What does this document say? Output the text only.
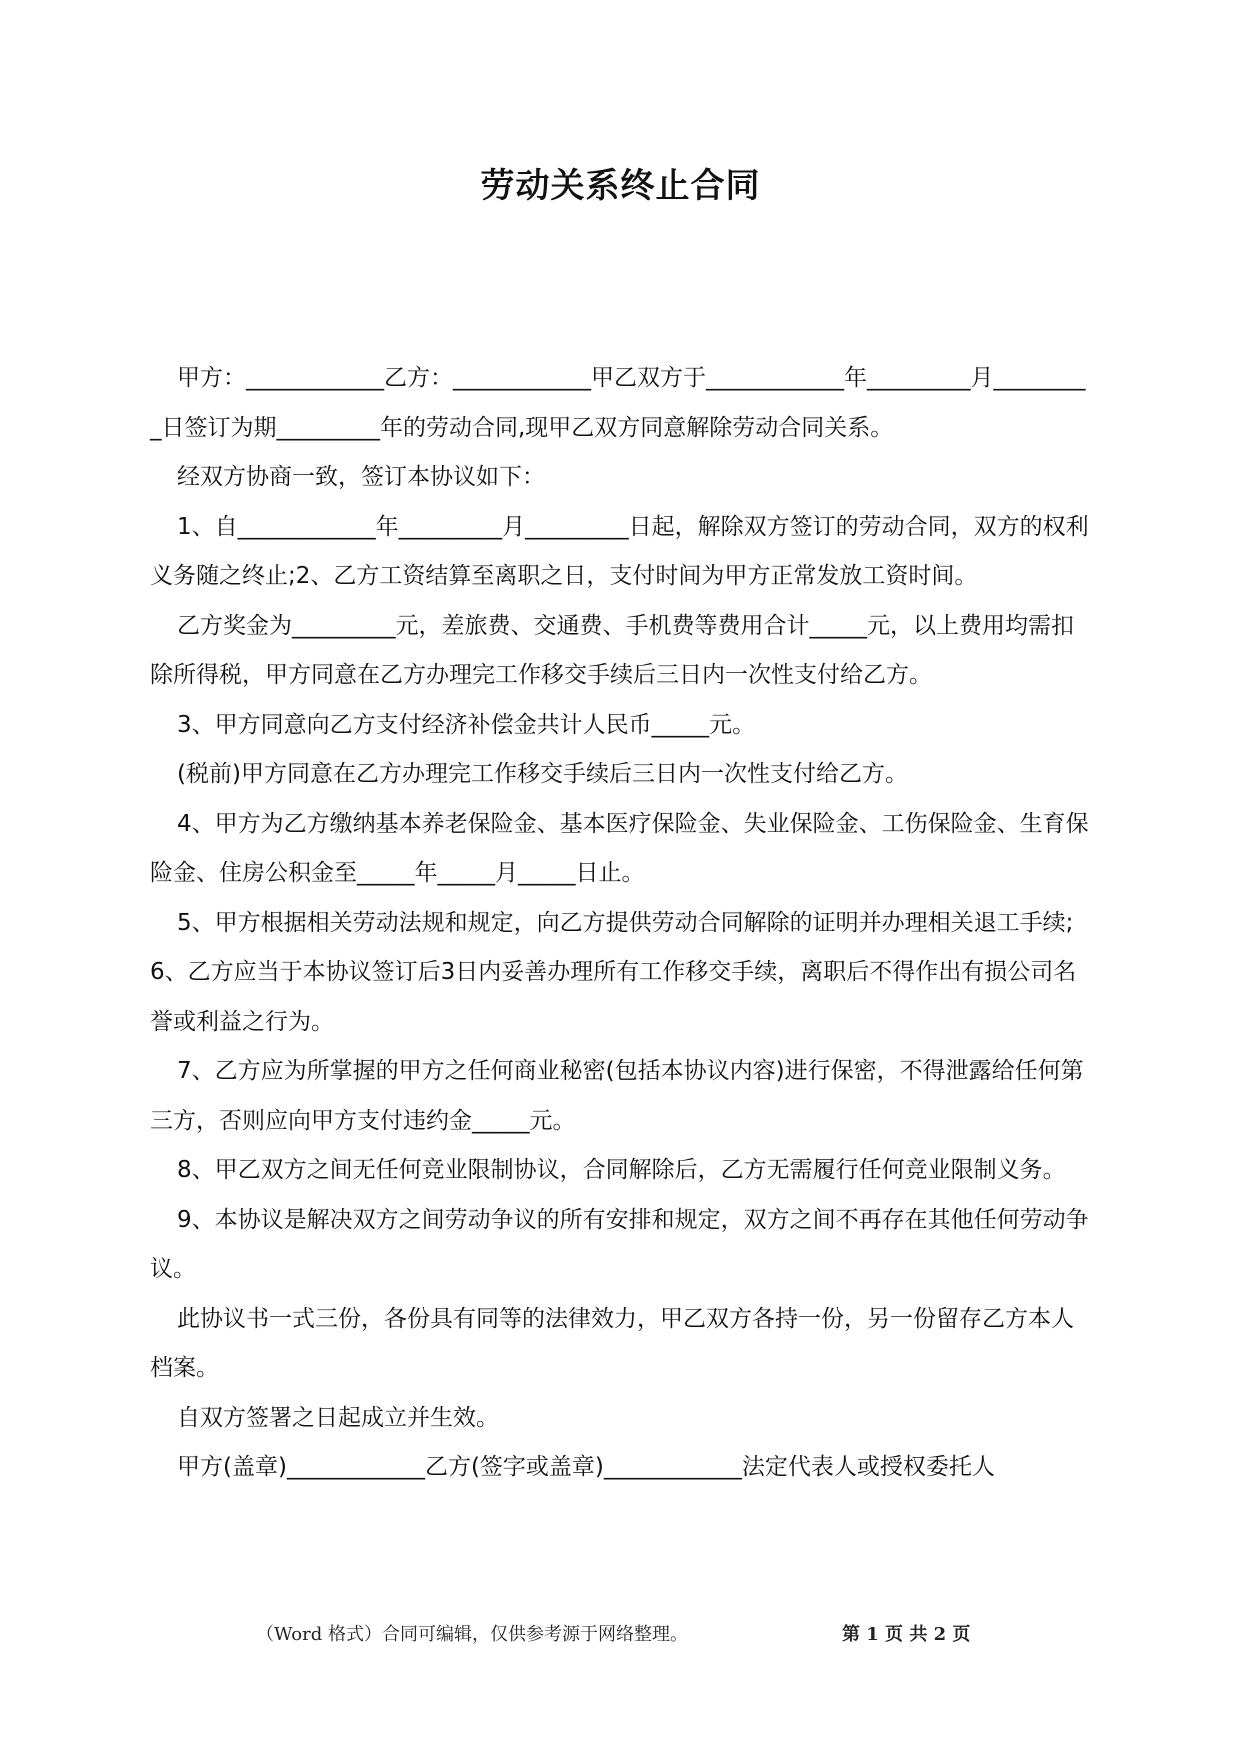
劳动关系终止合同

甲方：____________乙方：____________甲乙双方于____________年_________月_________日签订为期_________年的劳动合同,现甲乙双方同意解除劳动合同关系。

经双方协商一致，签订本协议如下：

1、自____________年_________月_________日起，解除双方签订的劳动合同，双方的权利义务随之终止;2、乙方工资结算至离职之日，支付时间为甲方正常发放工资时间。

乙方奖金为_________元，差旅费、交通费、手机费等费用合计_____元，以上费用均需扣除所得税，甲方同意在乙方办理完工作移交手续后三日内一次性支付给乙方。

3、甲方同意向乙方支付经济补偿金共计人民币_____元。

(税前)甲方同意在乙方办理完工作移交手续后三日内一次性支付给乙方。

4、甲方为乙方缴纳基本养老保险金、基本医疗保险金、失业保险金、工伤保险金、生育保险金、住房公积金至_____年_____月_____日止。

5、甲方根据相关劳动法规和规定，向乙方提供劳动合同解除的证明并办理相关退工手续;6、乙方应当于本协议签订后3日内妥善办理所有工作移交手续，离职后不得作出有损公司名誉或利益之行为。

7、乙方应为所掌握的甲方之任何商业秘密(包括本协议内容)进行保密，不得泄露给任何第三方，否则应向甲方支付违约金_____元。

8、甲乙双方之间无任何竞业限制协议，合同解除后，乙方无需履行任何竞业限制义务。

9、本协议是解决双方之间劳动争议的所有安排和规定，双方之间不再存在其他任何劳动争议。

此协议书一式三份，各份具有同等的法律效力，甲乙双方各持一份，另一份留存乙方本人档案。

自双方签署之日起成立并生效。

甲方(盖章)____________乙方(签字或盖章)____________法定代表人或授权委托人

（Word 格式）合同可编辑，仅供参考源于网络整理。	第 1 页 共 2 页
